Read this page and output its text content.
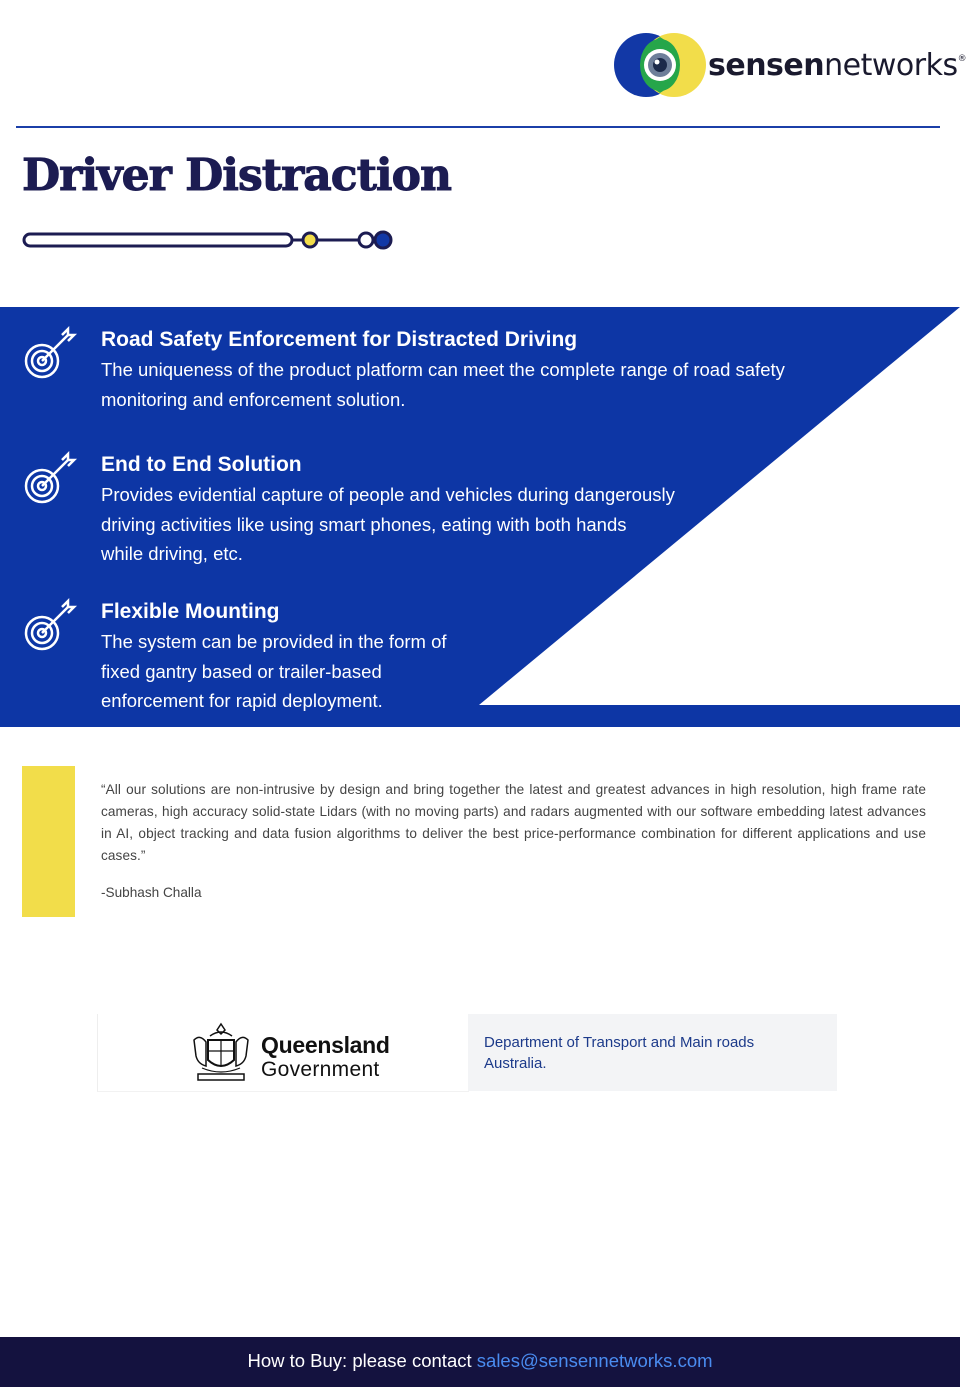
sensennetworks®
Driver Distraction
Road Safety Enforcement for Distracted Driving

The uniqueness of the product platform can meet the complete range of road safety
monitoring and enforcement solution.

End to End Solution

Provides evidential capture of people and vehicles during dangerously
driving activities like using smart phones, eating with both hands
while driving, etc.

Flexible Mounting

The system can be provided in the form of
fixed gantry based or trailer-based
enforcement for rapid deployment.

“All our solutions are non-intrusive by design and bring together the latest and greatest advances in high resolution, high frame rate cameras, high accuracy solid-state Lidars (with no moving parts) and radars augmented with our software embedding latest advances in AI, object tracking and data fusion algorithms to deliver the best price-performance combination for different applications and use cases.”

-Subhash Challa

Queensland
Government

Department of Transport and Main roads
Australia.

How to Buy: please contact sales@sensennetworks.com
